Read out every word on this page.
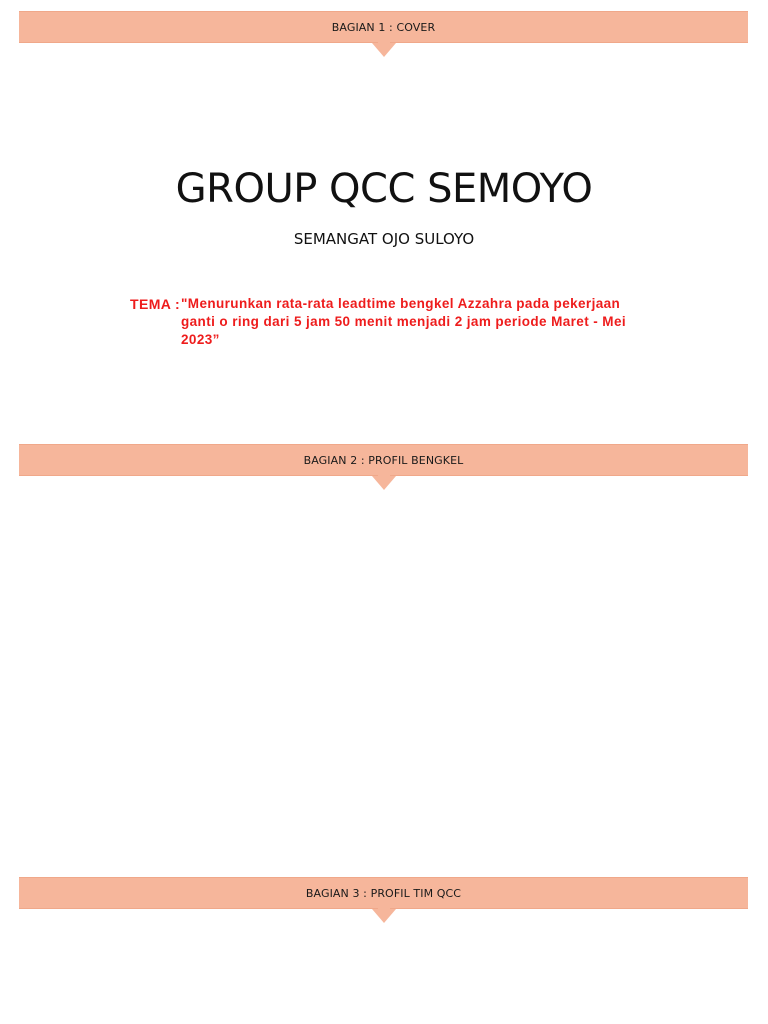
BAGIAN 1 : COVER
GROUP QCC SEMOYO

SEMANGAT OJO SULOYO

TEMA :"Menurunkan rata-rata leadtime bengkel Azzahra pada pekerjaan ganti o ring dari 5 jam 50 menit menjadi 2 jam periode Maret - Mei 2023”
BAGIAN 2 : PROFIL BENGKEL
BAGIAN 3 : PROFIL TIM QCC
